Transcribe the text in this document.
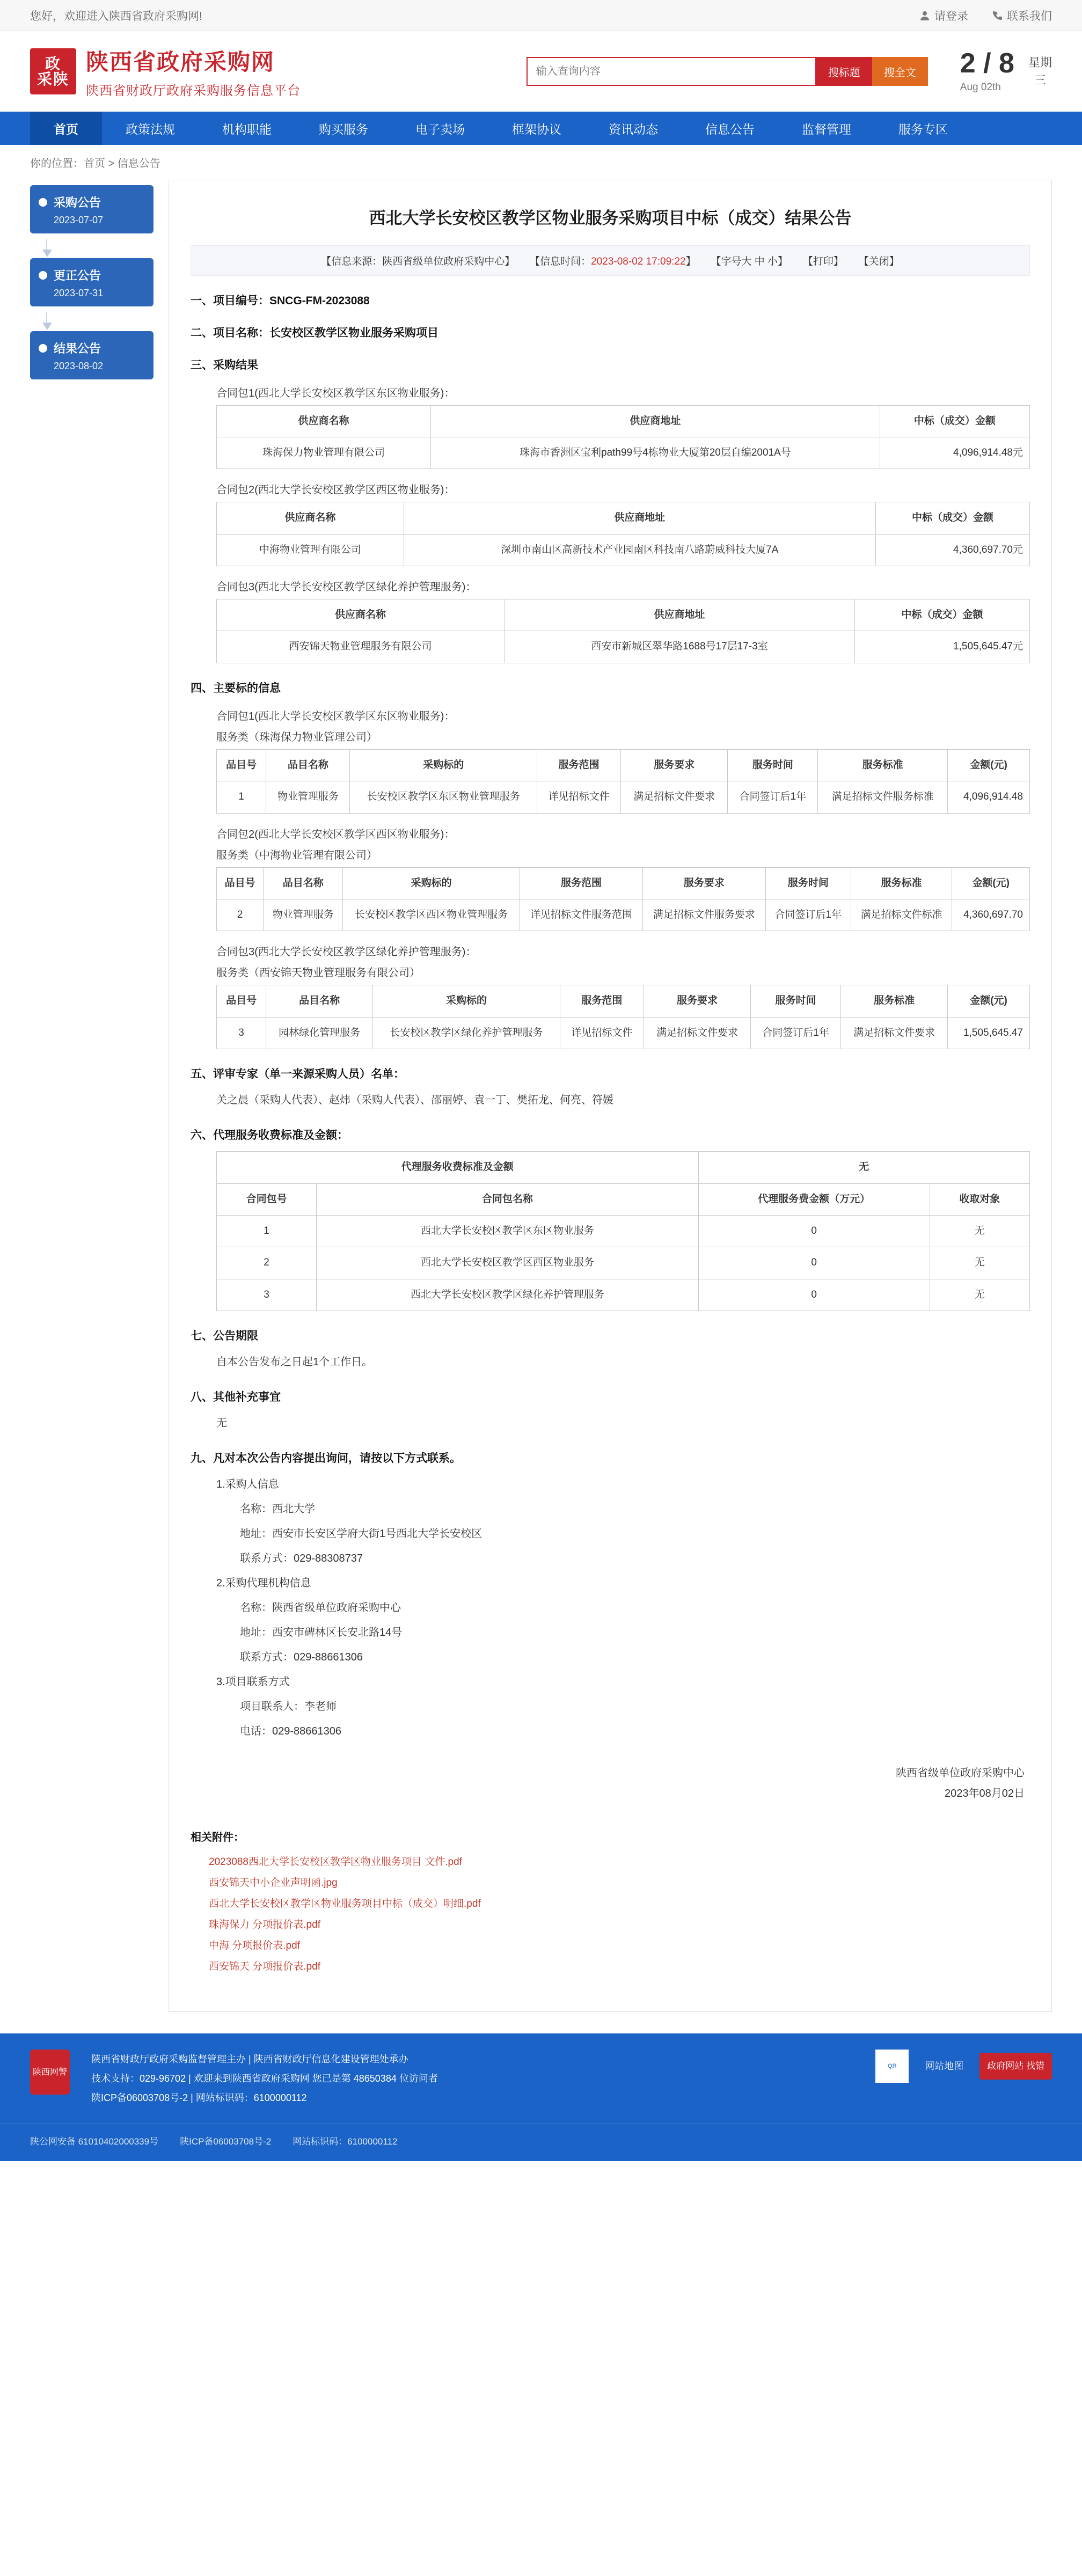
您好，欢迎进入陕西省政府采购网!	请登录	联系我们
政
采陕
陕西省政府采购网
陕西省财政厅政府采购服务信息平台
输入查询内容
搜标题	搜全文	2 / 8
Aug 02th
星期
三
首页	政策法规	机构职能	购买服务	电子卖场	框架协议	资讯动态	信息公告	监督管理	服务专区
你的位置：首页 > 信息公告
采购公告
2023-07-07
更正公告
2023-07-31
结果公告
2023-08-02
西北大学长安校区教学区物业服务采购项目中标（成交）结果公告
【信息来源：陕西省级单位政府采购中心】 【信息时间：2023-08-02 17:09:22】 【字号大 中 小】 【打印】 【关闭】
一、项目编号：SNCG-FM-2023088
二、项目名称：长安校区教学区物业服务采购项目
三、采购结果
合同包1(西北大学长安校区教学区东区物业服务)：
供应商名称	供应商地址	中标（成交）金额
珠海保力物业管理有限公司	珠海市香洲区宝利path99号4栋物业大厦第20层自编2001A号	4,096,914.48元
合同包2(西北大学长安校区教学区西区物业服务)：
供应商名称	供应商地址	中标（成交）金额
中海物业管理有限公司	深圳市南山区高新技术产业园南区科技南八路蔚威科技大厦7A	4,360,697.70元
合同包3(西北大学长安校区教学区绿化养护管理服务)：
供应商名称	供应商地址	中标（成交）金额
西安锦天物业管理服务有限公司	西安市新城区翠华路1688号17层17-3室	1,505,645.47元
四、主要标的信息
合同包1(西北大学长安校区教学区东区物业服务)：
服务类（珠海保力物业管理公司）
品目号	品目名称	采购标的	服务范围	服务要求	服务时间	服务标准	金额(元)
1	物业管理服务	长安校区教学区东区物业管理服务	详见招标文件	满足招标文件要求	合同签订后1年	满足招标文件服务标准	4,096,914.48
合同包2(西北大学长安校区教学区西区物业服务)：
服务类（中海物业管理有限公司）
品目号	品目名称	采购标的	服务范围	服务要求	服务时间	服务标准	金额(元)
2	物业管理服务	长安校区教学区西区物业管理服务	详见招标文件服务范围	满足招标文件服务要求	合同签订后1年	满足招标文件标准	4,360,697.70
合同包3(西北大学长安校区教学区绿化养护管理服务)：
服务类（西安锦天物业管理服务有限公司）
品目号	品目名称	采购标的	服务范围	服务要求	服务时间	服务标准	金额(元)
3	园林绿化管理服务	长安校区教学区绿化养护管理服务	详见招标文件	满足招标文件要求	合同签订后1年	满足招标文件要求	1,505,645.47
五、评审专家（单一来源采购人员）名单：
关之晨（采购人代表）、赵炜（采购人代表）、邵丽婷、袁一丁、樊拓龙、何亮、符媛
六、代理服务收费标准及金额：
代理服务收费标准及金额		无	
合同包号	合同包名称	代理服务费金额（万元）	收取对象
1	西北大学长安校区教学区东区物业服务	0	无
2	西北大学长安校区教学区西区物业服务	0	无
3	西北大学长安校区教学区绿化养护管理服务	0	无
七、公告期限
自本公告发布之日起1个工作日。
八、其他补充事宜
无
九、凡对本次公告内容提出询问，请按以下方式联系。
1.采购人信息
名称：西北大学
地址：西安市长安区学府大街1号西北大学长安校区
联系方式：029-88308737
2.采购代理机构信息
名称：陕西省级单位政府采购中心
地址：西安市碑林区长安北路14号
联系方式：029-88661306
3.项目联系方式
项目联系人：李老师
电话：029-88661306
陕西省级单位政府采购中心
2023年08月02日
相关附件：
2023088西北大学长安校区教学区物业服务项目 文件.pdf
西安锦天中小企业声明函.jpg
西北大学长安校区教学区物业服务项目中标（成交）明细.pdf
珠海保力 分项报价表.pdf
中海 分项报价表.pdf
西安锦天 分项报价表.pdf
陕西网警
陕西省财政厅政府采购监督管理主办 | 陕西省财政厅信息化建设管理处承办
技术支持：029-96702 | 欢迎来到陕西省政府采购网 您已是第 48650384 位访问者
陕ICP备06003708号-2 | 网站标识码：6100000112
QR	网站地图	政府网站 找错
陕公网安备 61010402000339号 陕ICP备06003708号-2 网站标识码：6100000112
